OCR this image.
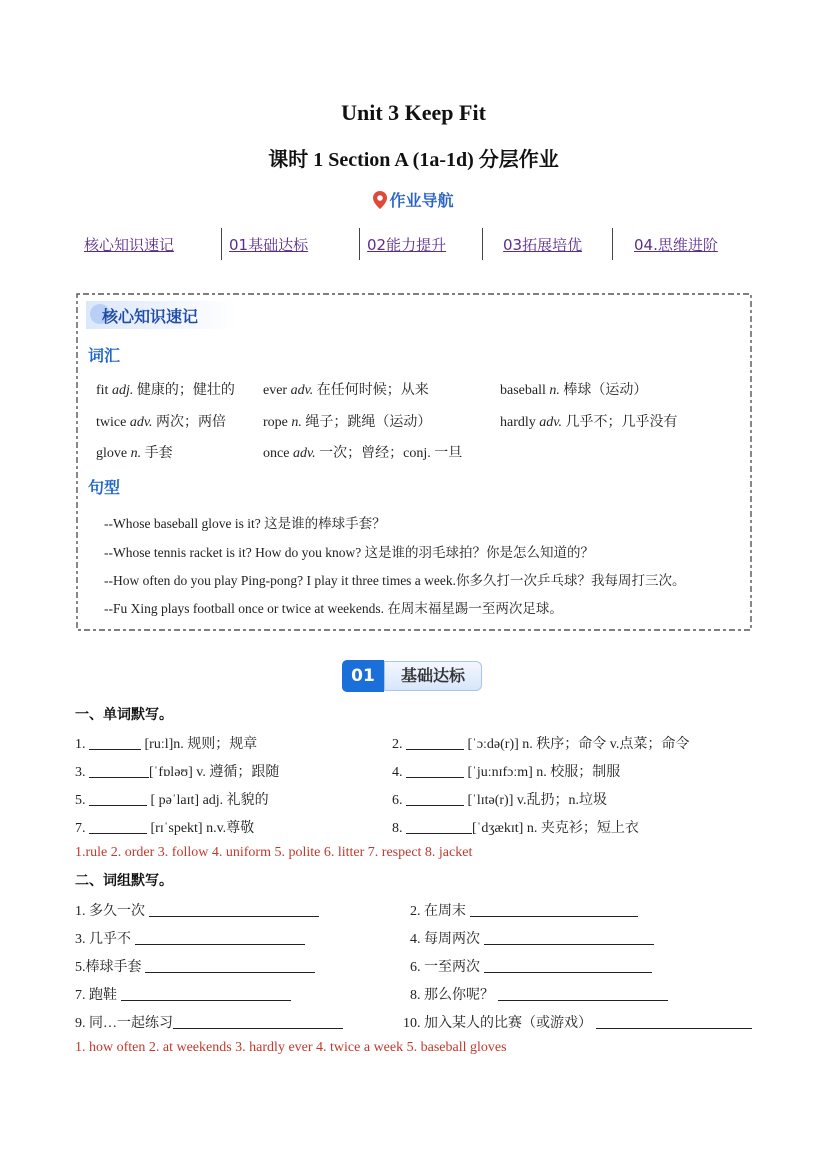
Unit 3 Keep Fit
课时 1 Section A (1a-1d) 分层作业
作业导航
核心知识速记	01基础达标	02能力提升	03拓展培优	04.思维进阶
核心知识速记
词汇
fit adj. 健康的；健壮的 ever adv. 在任何时候；从来	baseball n. 棒球（运动）
twice adv. 两次；两倍	rope n. 绳子；跳绳（运动）	hardly adv. 几乎不；几乎没有
glove n. 手套	once adv. 一次；曾经；conj. 一旦
句型
--Whose baseball glove is it? 这是谁的棒球手套？
--Whose tennis racket is it? How do you know? 这是谁的羽毛球拍？你是怎么知道的？
--How often do you play Ping-pong? I play it three times a week.你多久打一次乒乓球？我每周打三次。
--Fu Xing plays football once or twice at weekends. 在周末福星踢一至两次足球。
01	基础达标
一、单词默写。
1.	[ruːl]n. 规则；规章	2.	[ˈɔːdə(r)] n. 秩序；命令 v.点菜；命令
3.	[ˈfɒləʊ] v. 遵循；跟随	4.	[ˈjuːnɪfɔːm] n. 校服；制服
5.	[ pəˈlaɪt] adj. 礼貌的	6.	[ˈlɪtə(r)] v.乱扔；n.垃圾
7.	[rɪˈspekt] n.v.尊敬	8.	[ˈdʒækɪt] n. 夹克衫；短上衣
1.rule 2. order 3. follow 4. uniform 5. polite 6. litter 7. respect 8. jacket
二、词组默写。
1. 多久一次	2. 在周末
3. 几乎不	4. 每周两次
5.棒球手套	6. 一至两次
7. 跑鞋	8. 那么你呢？
9. 同…一起练习	10. 加入某人的比赛（或游戏）
1. how often 2. at weekends 3. hardly ever 4. twice a week 5. baseball gloves
